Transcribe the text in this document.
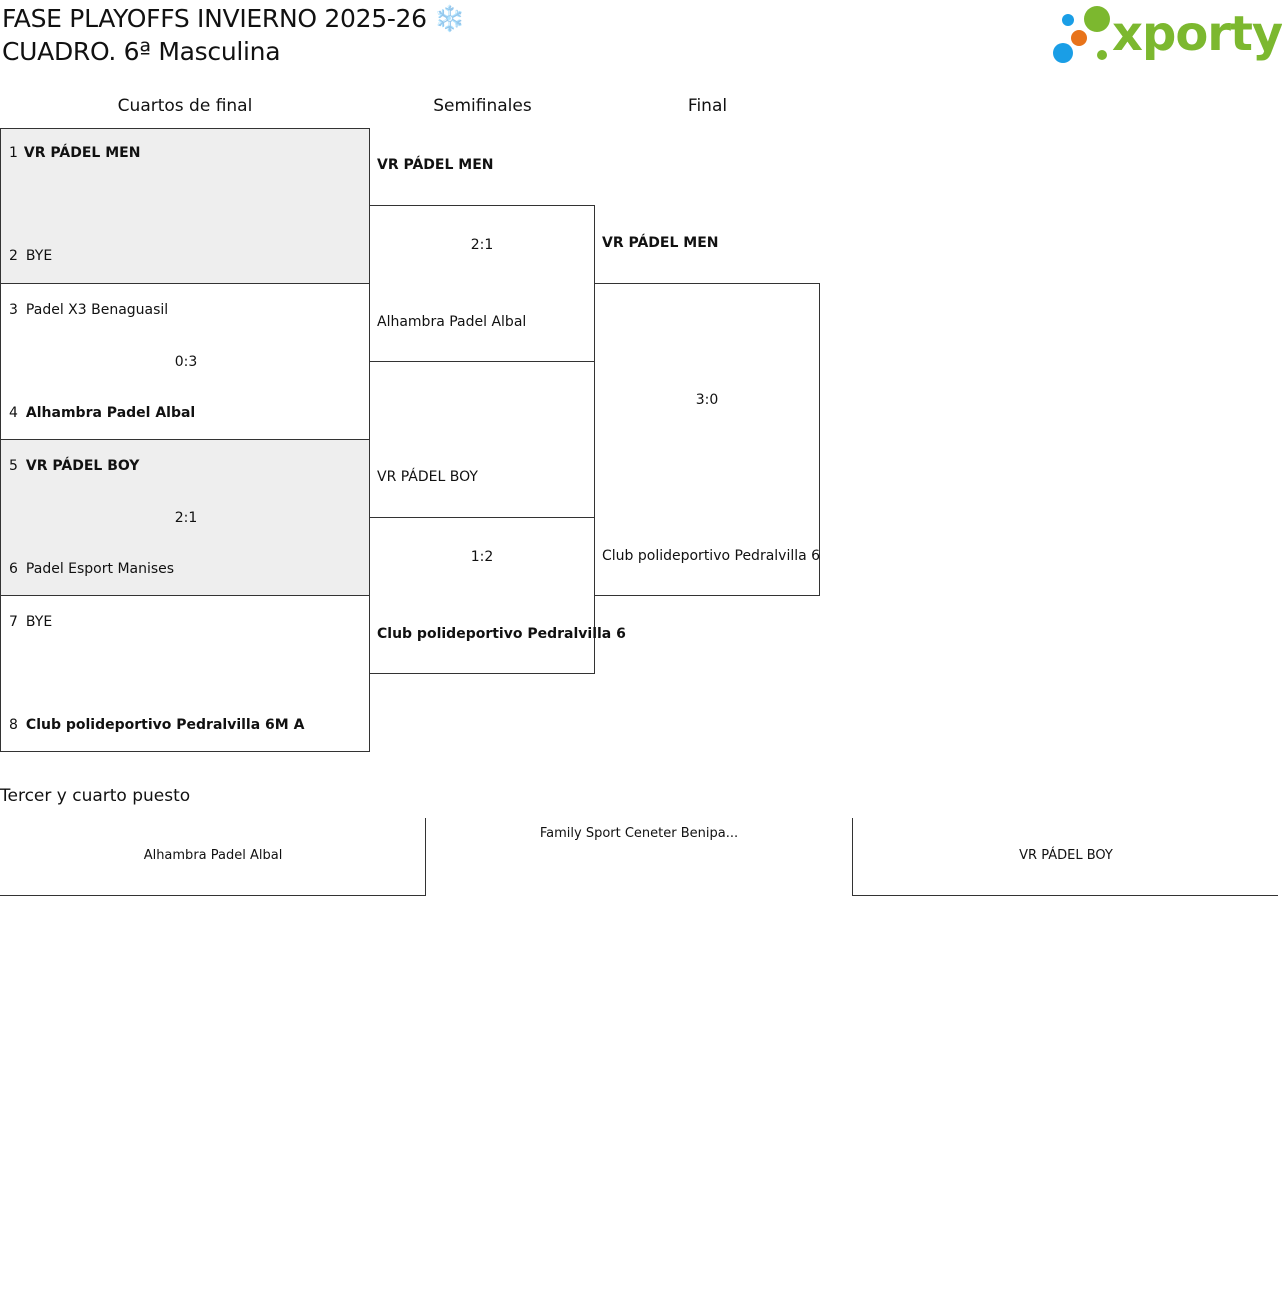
FASE PLAYOFFS INVIERNO 2025-26 ❄️
CUADRO. 6ª Masculina	xporty
Cuartos de final	Semifinales	Final
1 VR PÁDEL MEN
2 BYE
3 Padel X3 Benaguasil
0:3
4 Alhambra Padel Albal
5 VR PÁDEL BOY
2:1
6 Padel Esport Manises
7 BYE
8 Club polideportivo Pedralvilla 6M A
VR PÁDEL MEN
2:1
Alhambra Padel Albal
VR PÁDEL BOY
1:2
Club polideportivo Pedralvilla 6
VR PÁDEL MEN
3:0
Club polideportivo Pedralvilla 6
Tercer y cuarto puesto
Alhambra Padel Albal
Family Sport Ceneter Benipa...
VR PÁDEL BOY
